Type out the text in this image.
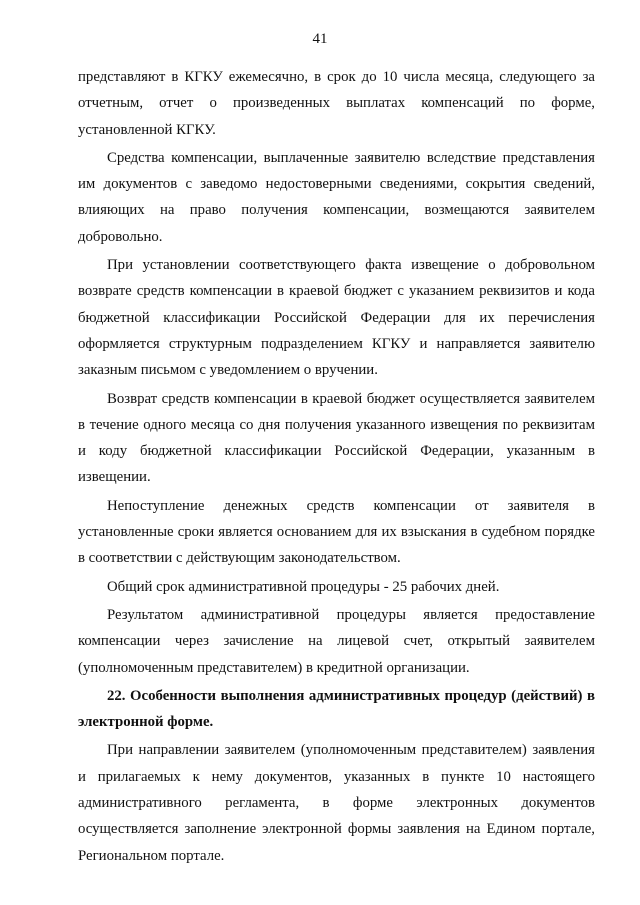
41

представляют в КГКУ ежемесячно, в срок до 10 числа месяца, следующего за отчетным, отчет о произведенных выплатах компенсаций по форме, установленной КГКУ.

Средства компенсации, выплаченные заявителю вследствие представления им документов с заведомо недостоверными сведениями, сокрытия сведений, влияющих на право получения компенсации, возмещаются заявителем добровольно.

При установлении соответствующего факта извещение о добровольном возврате средств компенсации в краевой бюджет с указанием реквизитов и кода бюджетной классификации Российской Федерации для их перечисления оформляется структурным подразделением КГКУ и направляется заявителю заказным письмом с уведомлением о вручении.

Возврат средств компенсации в краевой бюджет осуществляется заявителем в течение одного месяца со дня получения указанного извещения по реквизитам и коду бюджетной классификации Российской Федерации, указанным в извещении.

Непоступление денежных средств компенсации от заявителя в установленные сроки является основанием для их взыскания в судебном порядке в соответствии с действующим законодательством.

Общий срок административной процедуры - 25 рабочих дней.

Результатом административной процедуры является предоставление компенсации через зачисление на лицевой счет, открытый заявителем (уполномоченным представителем) в кредитной организации.

22. Особенности выполнения административных процедур (действий) в электронной форме.

При направлении заявителем (уполномоченным представителем) заявления и прилагаемых к нему документов, указанных в пункте 10 настоящего административного регламента, в форме электронных документов осуществляется заполнение электронной формы заявления на Едином портале, Региональном портале.
